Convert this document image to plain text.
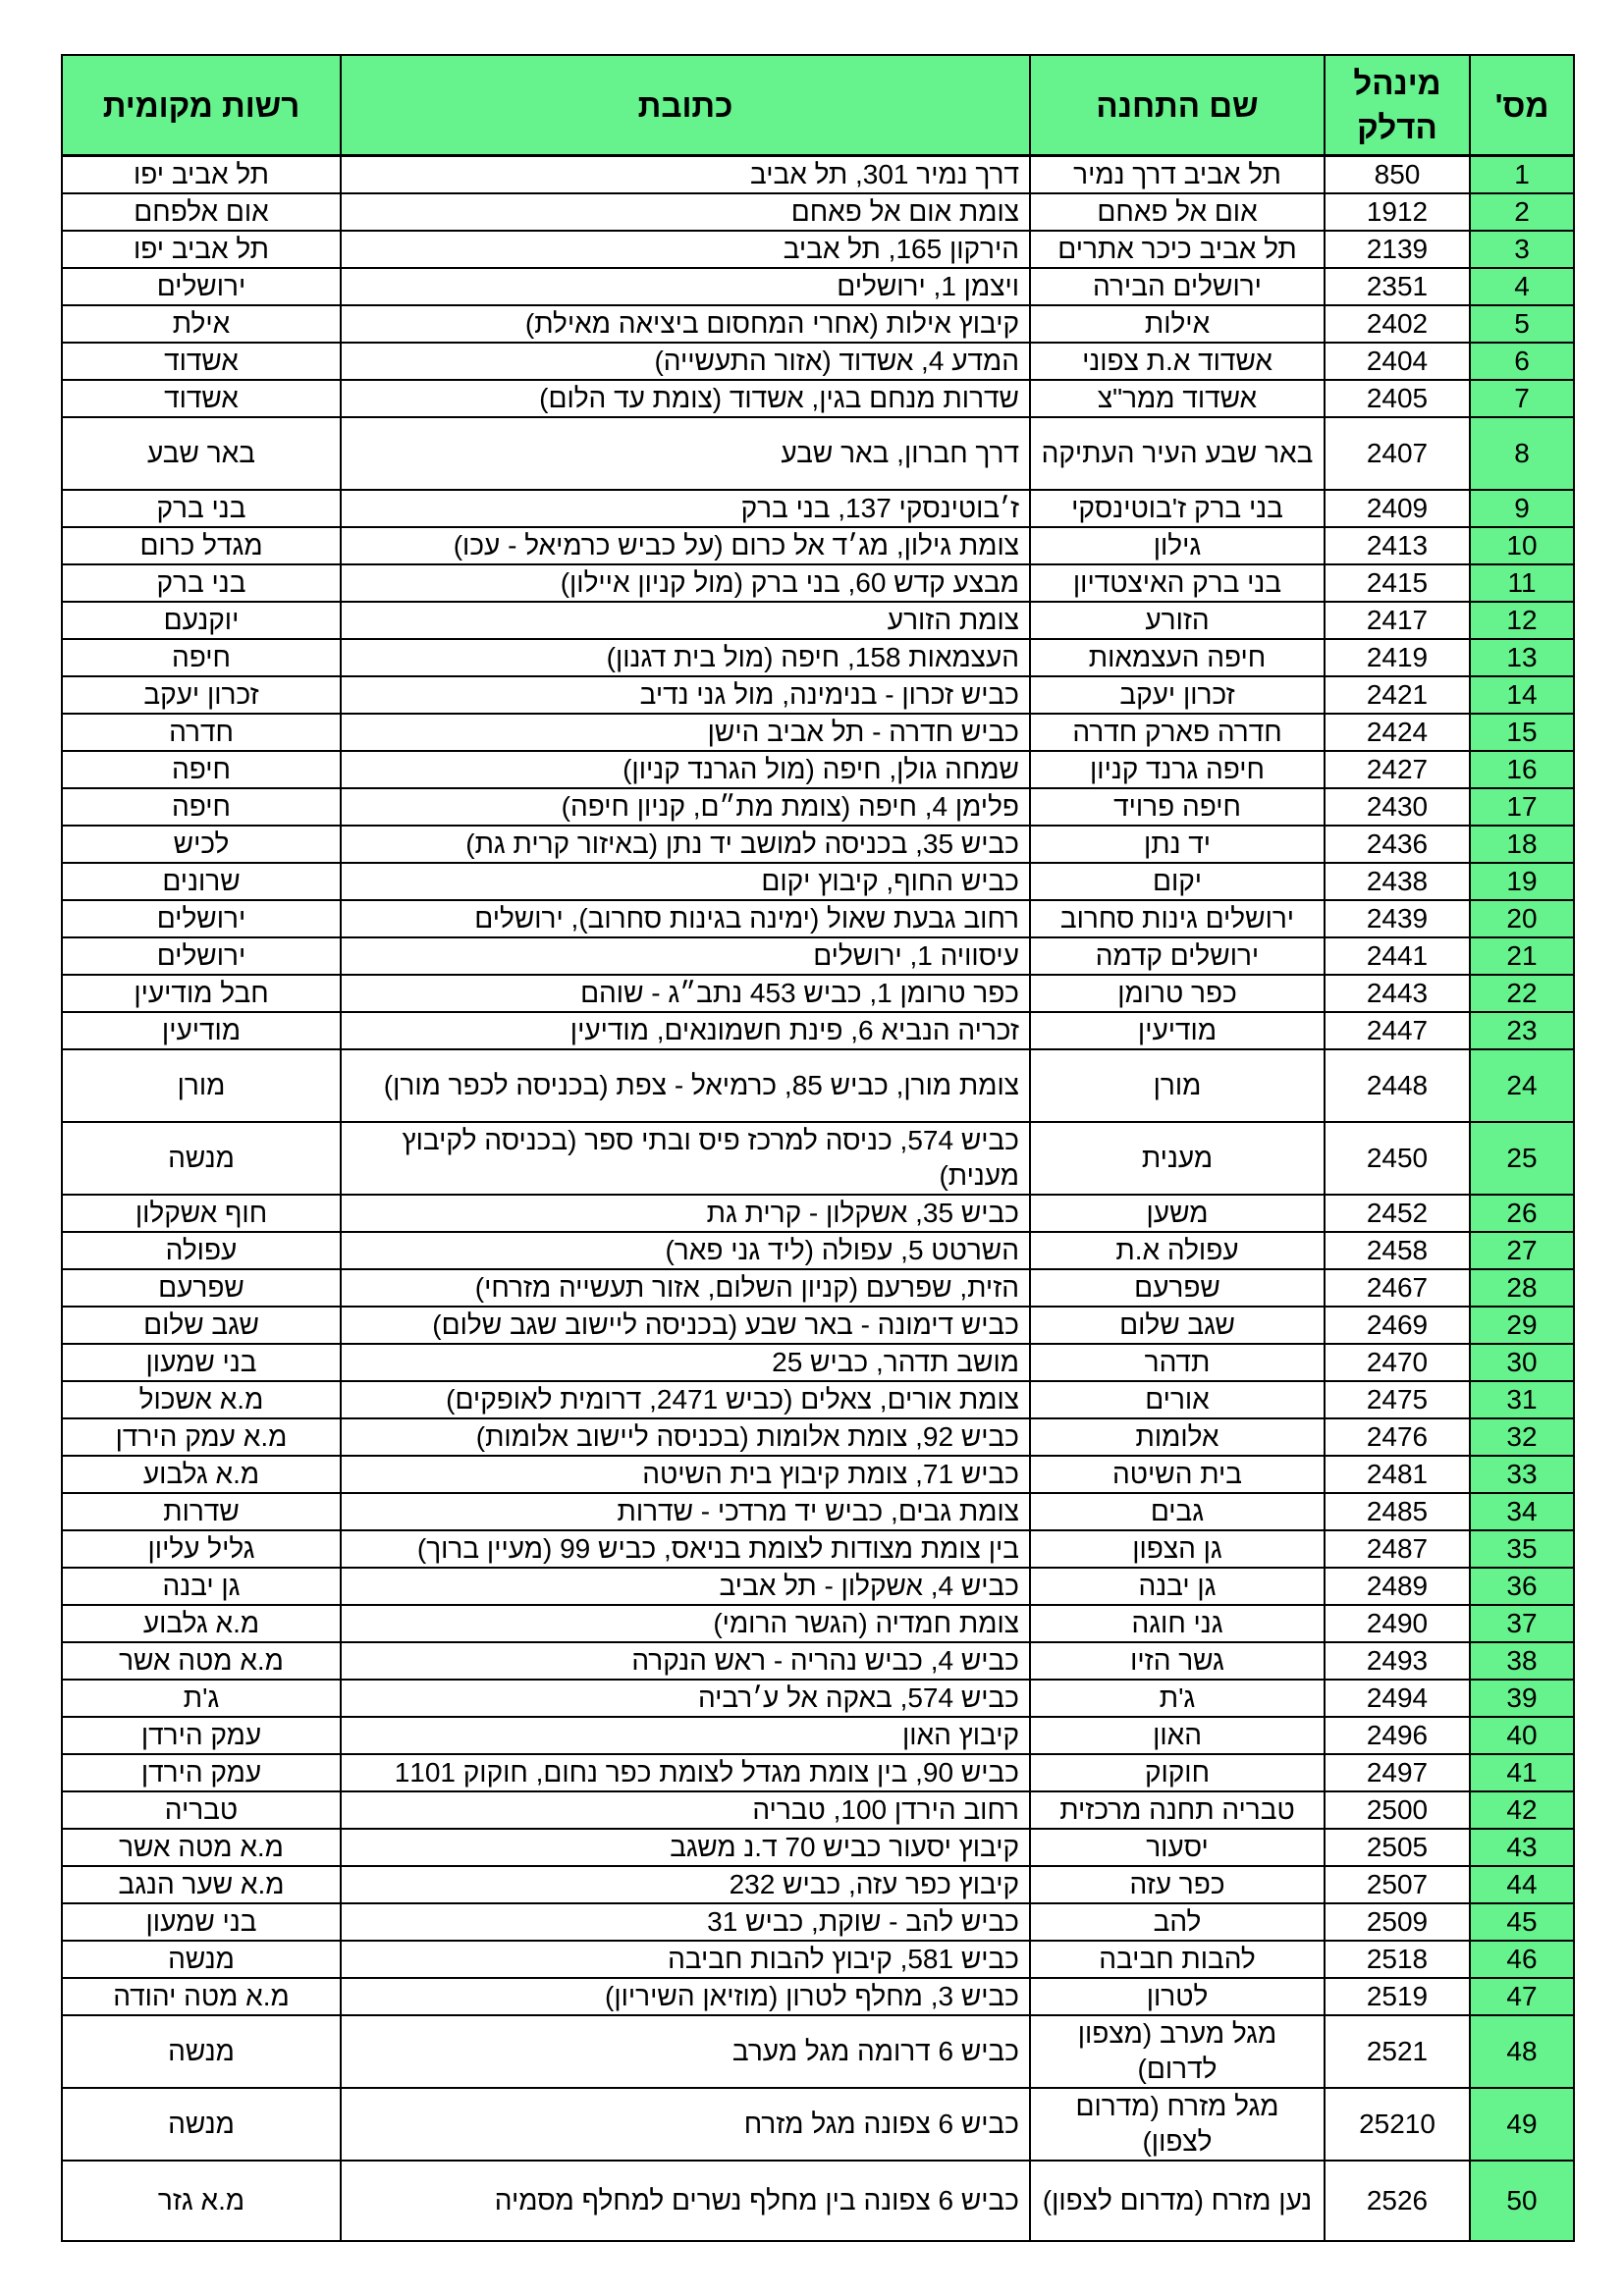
מס'	מינהל הדלק	שם התחנה	כתובת	רשות מקומית
1	850	תל אביב דרך נמיר	דרך נמיר 301, תל אביב	תל אביב יפו
2	1912	אום אל פאחם	צומת אום אל פאחם	אום אלפחם
3	2139	תל אביב כיכר אתרים	הירקון 165, תל אביב	תל אביב יפו
4	2351	ירושלים הבירה	ויצמן 1, ירושלים	ירושלים
5	2402	אילות	קיבוץ אילות (אחרי המחסום ביציאה מאילת)	אילת
6	2404	אשדוד א.ת צפוני	המדע 4, אשדוד (אזור התעשייה)	אשדוד
7	2405	אשדוד ממר"צ	שדרות מנחם בגין, אשדוד (צומת עד הלום)	אשדוד
8	2407	באר שבע העיר העתיקה	דרך חברון, באר שבע	באר שבע
9	2409	בני ברק ז'בוטינסקי	ז׳בוטינסקי 137, בני ברק	בני ברק
10	2413	גילון	צומת גילון, מג׳ד אל כרום (על כביש כרמיאל - עכו)	מגדל כרום
11	2415	בני ברק האיצטדיון	מבצע קדש 60, בני ברק (מול קניון איילון)	בני ברק
12	2417	הזורע	צומת הזורע	יוקנעם
13	2419	חיפה העצמאות	העצמאות 158, חיפה (מול בית דגנון)	חיפה
14	2421	זכרון יעקב	כביש זכרון - בנימינה, מול גני נדיב	זכרון יעקב
15	2424	חדרה פארק חדרה	כביש חדרה - תל אביב הישן	חדרה
16	2427	חיפה גרנד קניון	שמחה גולן, חיפה (מול הגרנד קניון)	חיפה
17	2430	חיפה פרויד	פלימן 4, חיפה (צומת מת״ם, קניון חיפה)	חיפה
18	2436	יד נתן	כביש 35, בכניסה למושב יד נתן (באיזור קרית גת)	לכיש
19	2438	יקום	כביש החוף, קיבוץ יקום	שרונים
20	2439	ירושלים גינות סחרוב	רחוב גבעת שאול (ימינה בגינות סחרוב), ירושלים	ירושלים
21	2441	ירושלים קדמה	עיסוויה 1, ירושלים	ירושלים
22	2443	כפר טרומן	כפר טרומן 1, כביש 453 נתב״ג - שוהם	חבל מודיעין
23	2447	מודיעין	זכריה הנביא 6, פינת חשמונאים, מודיעין	מודיעין
24	2448	מורן	צומת מורן, כביש 85, כרמיאל - צפת (בכניסה לכפר מורן)	מורן
25	2450	מענית	כביש 574, כניסה למרכז פיס ובתי ספר (בכניסה לקיבוץ מענית)	מנשה
26	2452	משען	כביש 35, אשקלון - קרית גת	חוף אשקלון
27	2458	עפולה א.ת	השרטט 5, עפולה (ליד גני פאר)	עפולה
28	2467	שפרעם	הזית, שפרעם (קניון השלום, אזור תעשייה מזרחי)	שפרעם
29	2469	שגב שלום	כביש דימונה - באר שבע (בכניסה ליישוב שגב שלום)	שגב שלום
30	2470	תדהר	מושב תדהר, כביש 25	בני שמעון
31	2475	אורים	צומת אורים, צאלים (כביש 2471, דרומית לאופקים)	מ.א אשכול
32	2476	אלומות	כביש 92, צומת אלומות (בכניסה ליישוב אלומות)	מ.א עמק הירדן
33	2481	בית השיטה	כביש 71, צומת קיבוץ בית השיטה	מ.א גלבוע
34	2485	גבים	צומת גבים, כביש יד מרדכי - שדרות	שדרות
35	2487	גן הצפון	בין צומת מצודות לצומת בניאס, כביש 99 (מעיין ברוך)	גליל עליון
36	2489	גן יבנה	כביש 4, אשקלון - תל אביב	גן יבנה
37	2490	גני חוגה	צומת חמדיה (הגשר הרומי)	מ.א גלבוע
38	2493	גשר הזיו	כביש 4, כביש נהריה - ראש הנקרה	מ.א מטה אשר
39	2494	ג'ת	כביש 574, באקה אל ע׳רביה	ג'ת
40	2496	האון	קיבוץ האון	עמק הירדן
41	2497	חוקוק	כביש 90, בין צומת מגדל לצומת כפר נחום, חוקוק 1101	עמק הירדן
42	2500	טבריה תחנה מרכזית	רחוב הירדן 100, טבריה	טבריה
43	2505	יסעור	קיבוץ יסעור כביש 70 ד.נ משגב	מ.א מטה אשר
44	2507	כפר עזה	קיבוץ כפר עזה, כביש 232	מ.א שער הנגב
45	2509	להב	כביש להב - שוקת, כביש 31	בני שמעון
46	2518	להבות חביבה	כביש 581, קיבוץ להבות חביבה	מנשה
47	2519	לטרון	כביש 3, מחלף לטרון (מוזיאן השיריון)	מ.א מטה יהודה
48	2521	מגל מערב (מצפון לדרום)	כביש 6 דרומה מגל מערב	מנשה
49	25210	מגל מזרח (מדרום לצפון)	כביש 6 צפונה מגל מזרח	מנשה
50	2526	נען מזרח (מדרום לצפון)	כביש 6 צפונה בין מחלף נשרים למחלף מסמיה	מ.א גזר
